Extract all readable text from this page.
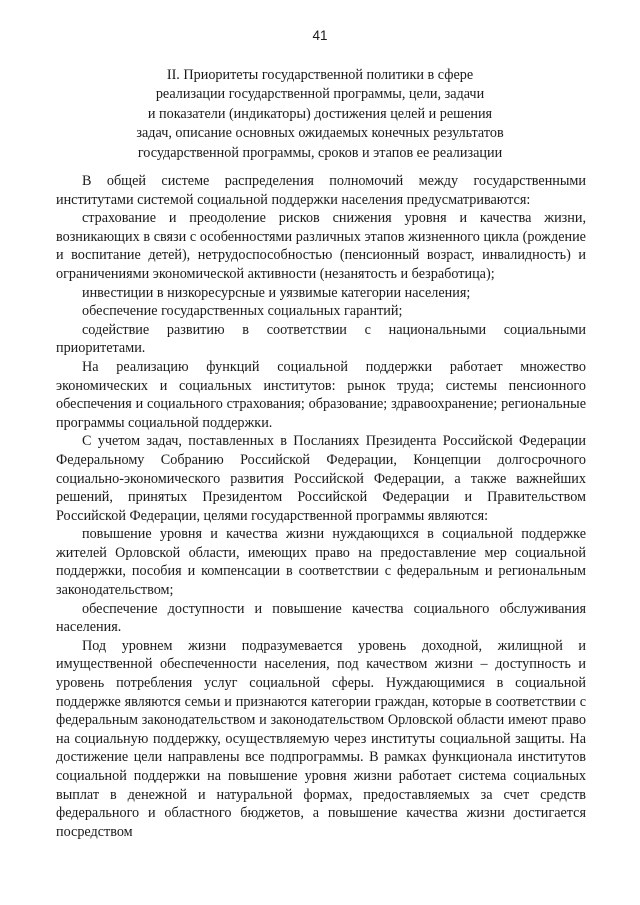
41
II. Приоритеты государственной политики в сфере
реализации государственной программы, цели, задачи
и показатели (индикаторы) достижения целей и решения
задач, описание основных ожидаемых конечных результатов
государственной программы, сроков и этапов ее реализации

В общей системе распределения полномочий между государственными институтами системой социальной поддержки населения предусматриваются:

страхование и преодоление рисков снижения уровня и качества жизни, возникающих в связи с особенностями различных этапов жизненного цикла (рождение и воспитание детей), нетрудоспособностью (пенсионный возраст, инвалидность) и ограничениями экономической активности (незанятость и безработица);

инвестиции в низкоресурсные и уязвимые категории населения;

обеспечение государственных социальных гарантий;

содействие развитию в соответствии с национальными социальными приоритетами.

На реализацию функций социальной поддержки работает множество экономических и социальных институтов: рынок труда; системы пенсионного обеспечения и социального страхования; образование; здравоохранение; региональные программы социальной поддержки.

С учетом задач, поставленных в Посланиях Президента Российской Федерации Федеральному Собранию Российской Федерации, Концепции долгосрочного социально-экономического развития Российской Федерации, а также важнейших решений, принятых Президентом Российской Федерации и Правительством Российской Федерации, целями государственной программы являются:

повышение уровня и качества жизни нуждающихся в социальной поддержке жителей Орловской области, имеющих право на предоставление мер социальной поддержки, пособия и компенсации в соответствии с федеральным и региональным законодательством;

обеспечение доступности и повышение качества социального обслуживания населения.

Под уровнем жизни подразумевается уровень доходной, жилищной и имущественной обеспеченности населения, под качеством жизни – доступность и уровень потребления услуг социальной сферы. Нуждающимися в социальной поддержке являются семьи и признаются категории граждан, которые в соответствии с федеральным законодательством и законодательством Орловской области имеют право на социальную поддержку, осуществляемую через институты социальной защиты. На достижение цели направлены все подпрограммы. В рамках функционала институтов социальной поддержки на повышение уровня жизни работает система социальных выплат в денежной и натуральной формах, предоставляемых за счет средств федерального и областного бюджетов, а повышение качества жизни достигается посредством
